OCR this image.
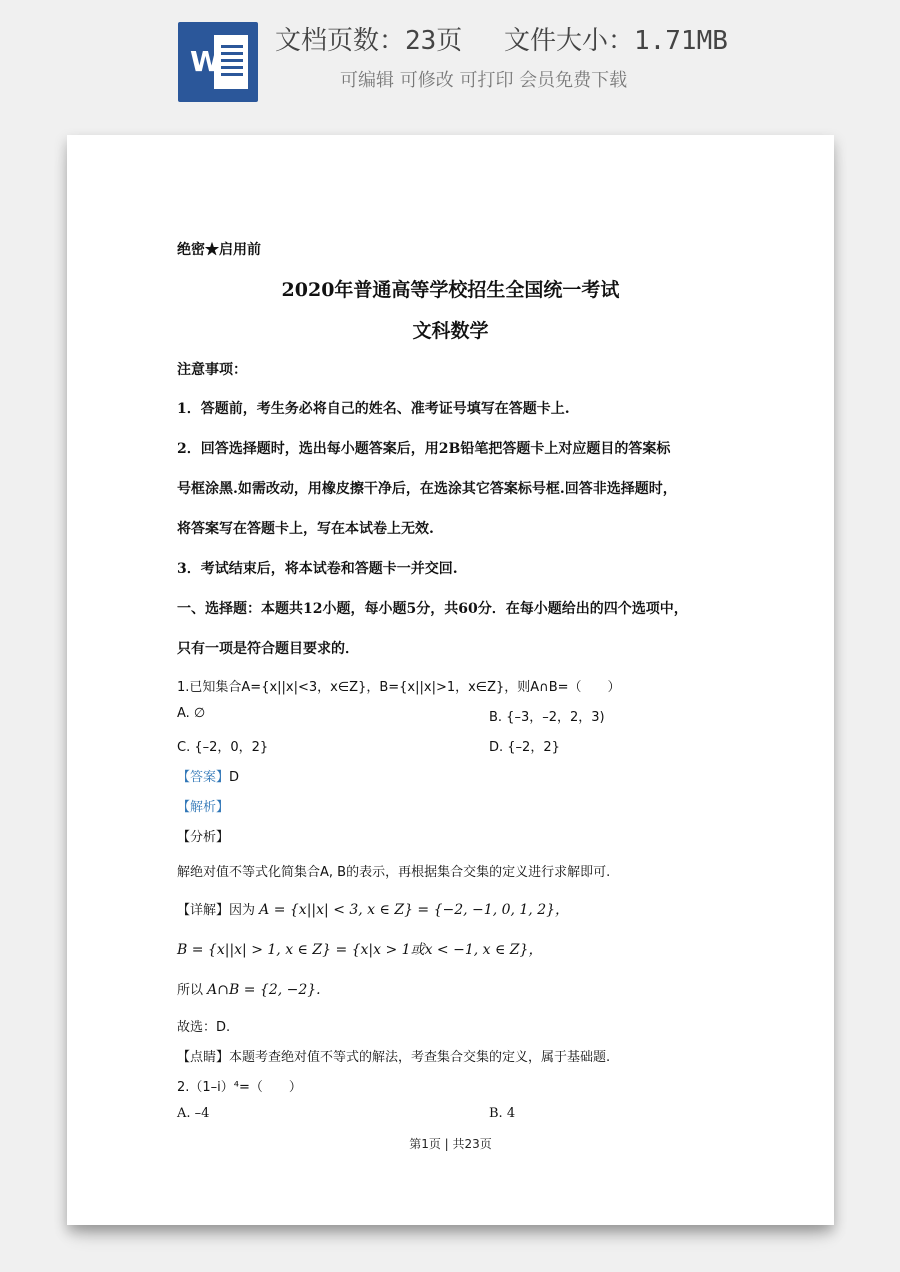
W
文档页数：23页　 文件大小：1.71MB
可编辑 可修改 可打印 会员免费下载
绝密★启用前
2020年普通高等学校招生全国统一考试
文科数学
注意事项：
1．答题前，考生务必将自己的姓名、准考证号填写在答题卡上.
2．回答选择题时，选出每小题答案后，用2B铅笔把答题卡上对应题目的答案标
号框涂黑.如需改动，用橡皮擦干净后，在选涂其它答案标号框.回答非选择题时，
将答案写在答题卡上，写在本试卷上无效.
3．考试结束后，将本试卷和答题卡一并交回.
一、选择题：本题共12小题，每小题5分，共60分．在每小题给出的四个选项中，
只有一项是符合题目要求的．
1.已知集合A={x||x|<3，x∈Z}，B={x||x|>1，x∈Z}，则A∩B=（　　）
A. ∅	B. {–3，–2，2，3)
C. {–2，0，2}	D. {–2，2}
【答案】D
【解析】
【分析】
解绝对值不等式化简集合A, B的表示，再根据集合交集的定义进行求解即可.
【详解】因为 A = {x||x| < 3, x ∈ Z} = {−2, −1, 0, 1, 2}，
B = {x||x| > 1, x ∈ Z} = {x|x > 1或x < −1, x ∈ Z}，
所以 A∩B = {2, −2}.
故选：D.
【点睛】本题考查绝对值不等式的解法，考查集合交集的定义，属于基础题.
2.（1–i）⁴=（　　）
A. –4	B. 4
第1页 | 共23页
